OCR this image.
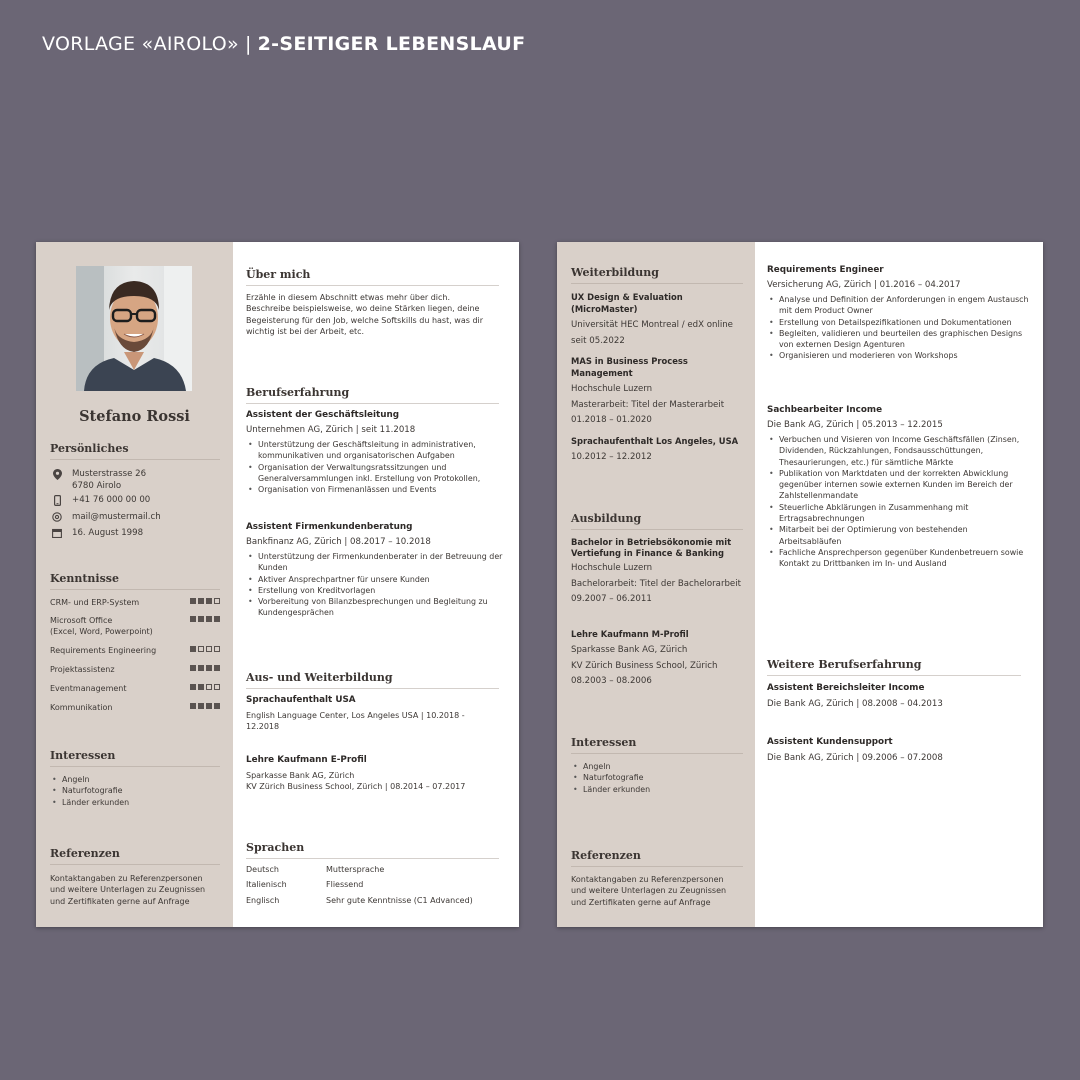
VORLAGE «AIROLO» | 2-SEITIGER LEBENSLAUF
Stefano Rossi
Persönliches
Musterstrasse 26
6780 Airolo
+41 76 000 00 00
mail@mustermail.ch
16. August 1998
Kenntnisse
CRM- und ERP-System
Microsoft Office
(Excel, Word, Powerpoint)
Requirements Engineering
Projektassistenz
Eventmanagement
Kommunikation
Interessen
• Angeln
• Naturfotografie
• Länder erkunden
Referenzen
Kontaktangaben zu Referenzpersonen
und weitere Unterlagen zu Zeugnissen
und Zertifikaten gerne auf Anfrage
Über mich
Erzähle in diesem Abschnitt etwas mehr über dich.
Beschreibe beispielsweise, wo deine Stärken liegen, deine
Begeisterung für den Job, welche Softskills du hast, was dir
wichtig ist bei der Arbeit, etc.
Berufserfahrung
Assistent der Geschäftsleitung
Unternehmen AG, Zürich | seit 11.2018
• Unterstützung der Geschäftsleitung in administrativen, kommunikativen und organisatorischen Aufgaben
• Organisation der Verwaltungsratssitzungen und Generalversammlungen inkl. Erstellung von Protokollen,
• Organisation von Firmenanlässen und Events
Assistent Firmenkundenberatung
Bankfinanz AG, Zürich | 08.2017 – 10.2018
• Unterstützung der Firmenkundenberater in der Betreuung der Kunden
• Aktiver Ansprechpartner für unsere Kunden
• Erstellung von Kreditvorlagen
• Vorbereitung von Bilanzbesprechungen und Begleitung zu Kundengesprächen
Aus- und Weiterbildung
Sprachaufenthalt USA
English Language Center, Los Angeles USA | 10.2018 -
12.2018
Lehre Kaufmann E-Profil
Sparkasse Bank AG, Zürich
KV Zürich Business School, Zürich | 08.2014 – 07.2017
Sprachen
Deutsch	Muttersprache
Italienisch	Fliessend
Englisch	Sehr gute Kenntnisse (C1 Advanced)
Weiterbildung
UX Design & Evaluation (MicroMaster)
Universität HEC Montreal / edX online
seit 05.2022
MAS in Business Process Management
Hochschule Luzern
Masterarbeit: Titel der Masterarbeit
01.2018 – 01.2020
Sprachaufenthalt Los Angeles, USA
10.2012 – 12.2012
Ausbildung
Bachelor in Betriebsökonomie mit
Vertiefung in Finance & Banking
Hochschule Luzern
Bachelorarbeit: Titel der Bachelorarbeit
09.2007 – 06.2011
Lehre Kaufmann M-Profil
Sparkasse Bank AG, Zürich
KV Zürich Business School, Zürich
08.2003 – 08.2006
Interessen
• Angeln
• Naturfotografie
• Länder erkunden
Referenzen
Kontaktangaben zu Referenzpersonen
und weitere Unterlagen zu Zeugnissen
und Zertifikaten gerne auf Anfrage
Requirements Engineer
Versicherung AG, Zürich | 01.2016 – 04.2017
• Analyse und Definition der Anforderungen in engem Austausch mit dem Product Owner
• Erstellung von Detailspezifikationen und Dokumentationen
• Begleiten, validieren und beurteilen des graphischen Designs von externen Design Agenturen
• Organisieren und moderieren von Workshops
Sachbearbeiter Income
Die Bank AG, Zürich | 05.2013 – 12.2015
• Verbuchen und Visieren von Income Geschäftsfällen (Zinsen, Dividenden, Rückzahlungen, Fondsausschüttungen, Thesaurierungen, etc.) für sämtliche Märkte
• Publikation von Marktdaten und der korrekten Abwicklung gegenüber internen sowie externen Kunden im Bereich der Zahlstellenmandate
• Steuerliche Abklärungen in Zusammenhang mit Ertragsabrechnungen
• Mitarbeit bei der Optimierung von bestehenden Arbeitsabläufen
• Fachliche Ansprechperson gegenüber Kundenbetreuern sowie Kontakt zu Drittbanken im In- und Ausland
Weitere Berufserfahrung
Assistent Bereichsleiter Income
Die Bank AG, Zürich | 08.2008 – 04.2013
Assistent Kundensupport
Die Bank AG, Zürich | 09.2006 – 07.2008
